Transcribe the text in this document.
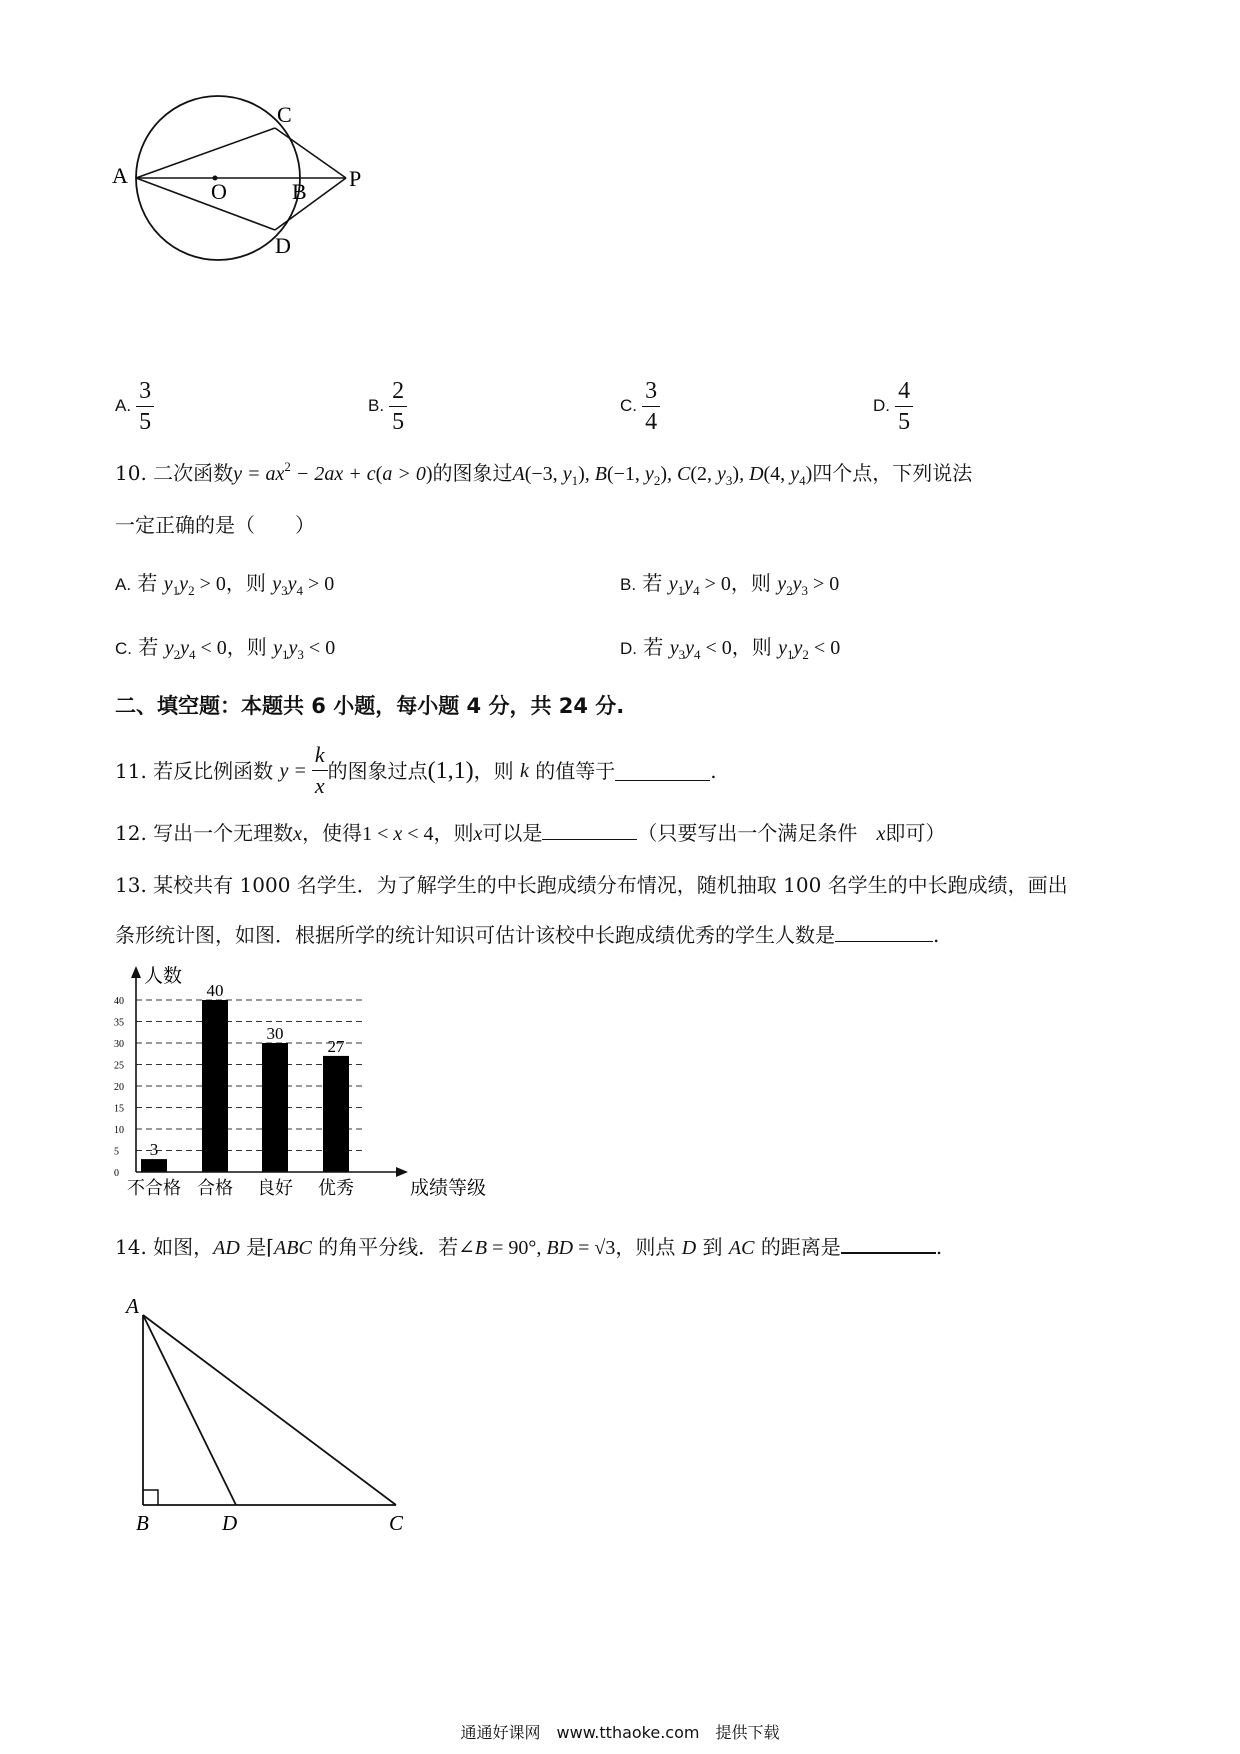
A
C
O	B
P
D
A. $\frac{3}{5}$	B. $\frac{2}{5}$	C. $\frac{3}{4}$	D. $\frac{4}{5}$
10. 二次函数$y = ax^2 - 2ax + c(a > 0)$的图象过A(−3, $y_1$), B(−1, $y_2$), C(2, $y_3$), D(4, $y_4$)四个点，下列说法
一定正确的是（　　）
A. 若 $y_1y_2 > 0$，则 $y_3y_4 > 0$	B. 若 $y_1y_4 > 0$，则 $y_2y_3 > 0$
C. 若 $y_2y_4 < 0$，则 $y_1y_3 < 0$	D. 若 $y_3y_4 < 0$，则 $y_1y_2 < 0$
二、填空题：本题共 6 小题，每小题 4 分，共 24 分.
11.
若反比例函数
$y = \frac{k}{x}$ 的图象过点 (1,1) ，则
k
的值等于	.
12. 写出一个无理数x，使得1 < x < 4，则x可以是	（只要写出一个满足条件 x即可）
13. 某校共有 1000 名学生．为了解学生的中长跑成绩分布情况，随机抽取 100 名学生的中长跑成绩，画出
条形统计图，如图．根据所学的统计知识可估计该校中长跑成绩优秀的学生人数是	.
0
5
10
15
20
25
30
35
40
不合格 合格 良好 优秀
3
40
30
27
人数
成绩等级
14. 如图，AD 是⌈ABC 的角平分线．若∠B = 90°, BD = √3，则点 D 到 AC 的距离是	.
A
B	D	C
通通好课网　www.tthaoke.com　提供下载
